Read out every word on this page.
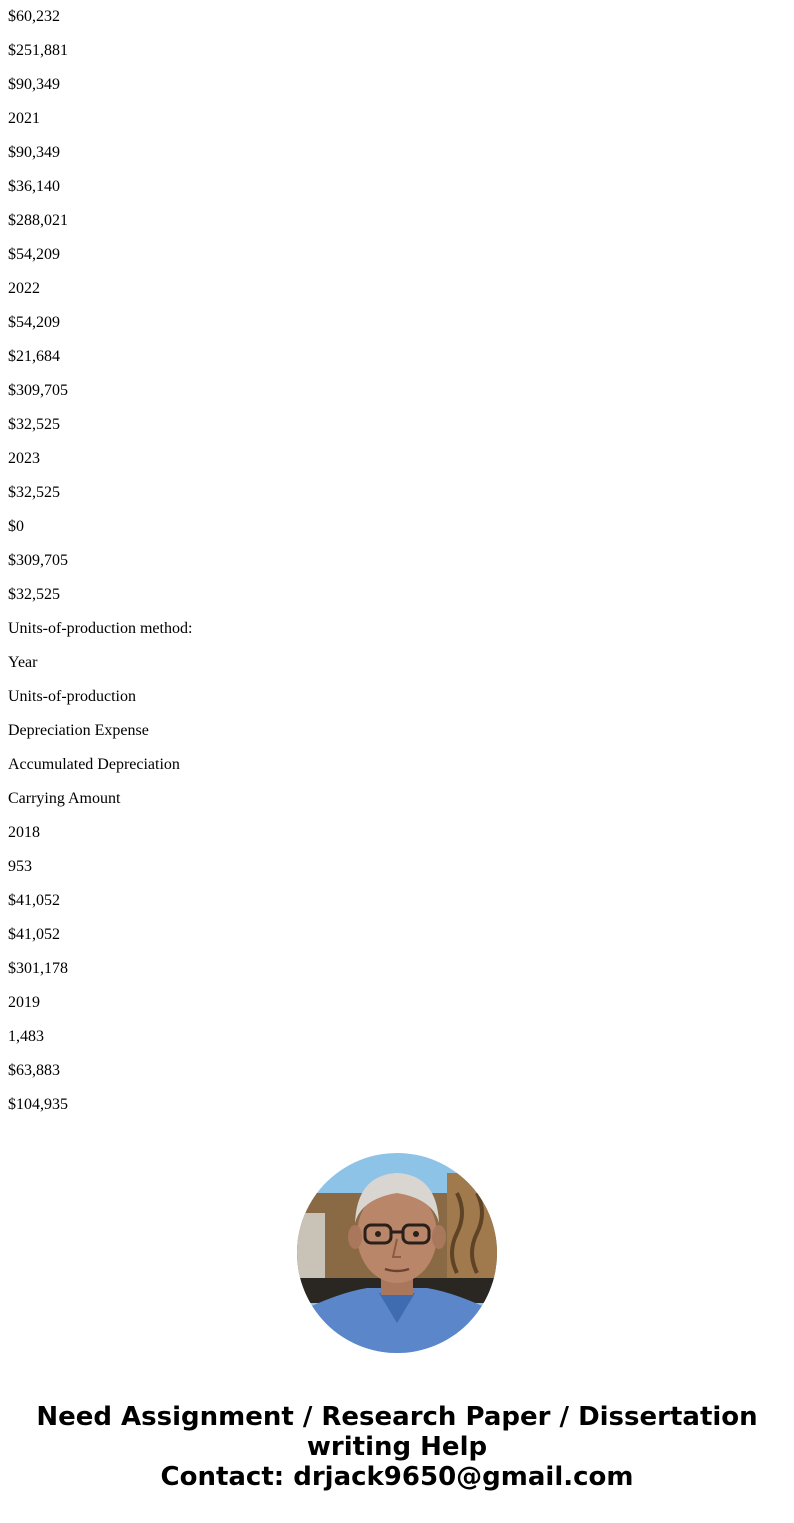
$60,232
$251,881
$90,349
2021
$90,349
$36,140
$288,021
$54,209
2022
$54,209
$21,684
$309,705
$32,525
2023
$32,525
$0
$309,705
$32,525
Units-of-production method:
Year
Units-of-production
Depreciation Expense
Accumulated Depreciation
Carrying Amount
2018
953
$41,052
$41,052
$301,178
2019
1,483
$63,883
$104,935
Need Assignment / Research Paper / Dissertation
writing Help
Contact: drjack9650@gmail.com
